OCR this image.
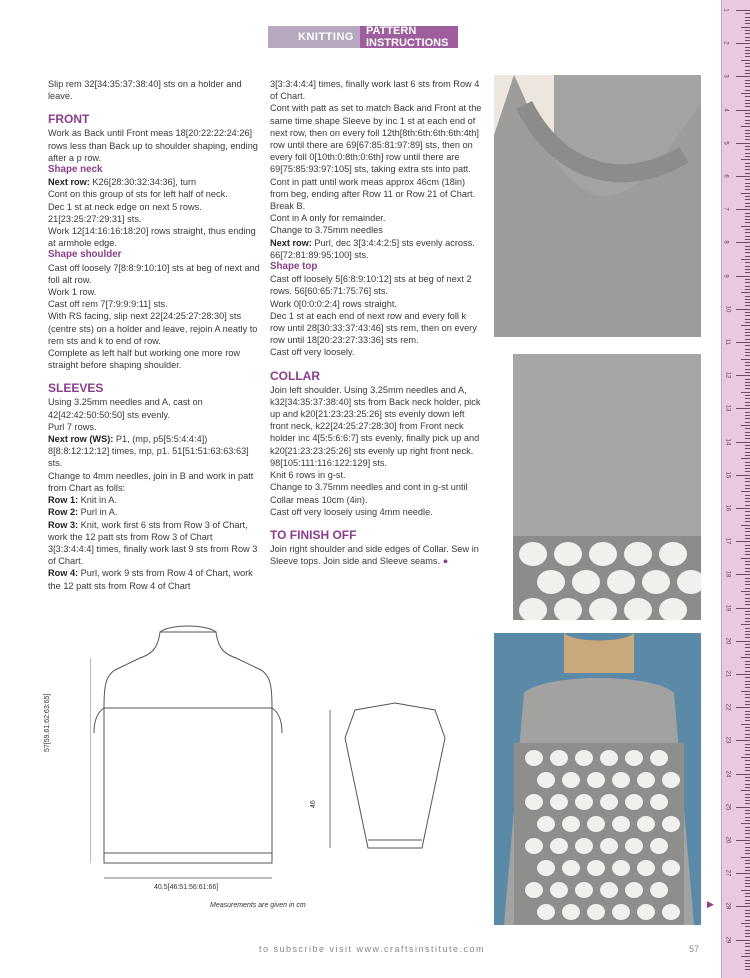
KNITTING	PATTERN INSTRUCTIONS

Slip rem 32[34:35:37:38:40] sts on a holder and leave.

FRONT

Work as Back until Front meas 18[20:22:22:24:26] rows less than Back up to shoulder shaping, ending after a p row.

Shape neck

Next row: K26[28:30:32:34:36], turn

Cont on this group of sts for left half of neck.

Dec 1 st at neck edge on next 5 rows. 21[23:25:27:29:31] sts.

Work 12[14:16:16:18:20] rows straight, thus ending at armhole edge.

Shape shoulder

Cast off loosely 7[8:8:9:10:10] sts at beg of next and foll alt row.

Work 1 row.

Cast off rem 7[7:9:9:9:11] sts.

With RS facing, slip next 22[24:25:27:28:30] sts (centre sts) on a holder and leave, rejoin A neatly to rem sts and k to end of row.

Complete as left half but working one more row straight before shaping shoulder.

SLEEVES

Using 3.25mm needles and A, cast on 42[42:42:50:50:50] sts evenly.

Purl 7 rows.

Next row (WS): P1, (mp, p5[5:5:4:4:4]) 8[8:8:12:12:12] times, mp, p1. 51[51:51:63:63:63] sts.

Change to 4mm needles, join in B and work in patt from Chart as folls:

Row 1: Knit in A.

Row 2: Purl in A.

Row 3: Knit, work first 6 sts from Row 3 of Chart, work the 12 patt sts from Row 3 of Chart 3[3:3:4:4:4] times, finally work last 9 sts from Row 3 of Chart.

Row 4: Purl, work 9 sts from Row 4 of Chart, work the 12 patt sts from Row 4 of Chart

3[3:3:4:4:4] times, finally work last 6 sts from Row 4 of Chart.

Cont with patt as set to match Back and Front at the same time shape Sleeve by inc 1 st at each end of next row, then on every foll 12th[8th:6th:6th:6th:4th] row until there are 69[67:85:81:97:89] sts, then on every foll 0[10th:0:8th:0:6th] row until there are 69[75:85:93:97:105] sts, taking extra sts into patt. Cont in patt until work meas approx 46cm (18in) from beg, ending after Row 11 or Row 21 of Chart.

Break B.

Cont in A only for remainder.

Change to 3.75mm needles

Next row: Purl, dec 3[3:4:4:2:5] sts evenly across. 66[72:81:89:95:100] sts.

Shape top

Cast off loosely 5[6:8:9:10:12] sts at beg of next 2 rows. 56[60:65:71:75:76] sts.

Work 0[0:0:0:2:4] rows straight.

Dec 1 st at each end of next row and every foll k row until 28[30:33:37:43:46] sts rem, then on every row until 18[20:23:27:33:36] sts rem.

Cast off very loosely.

COLLAR

Join left shoulder. Using 3.25mm needles and A, k32[34:35:37:38:40] sts from Back neck holder, pick up and k20[21:23:23:25:26] sts evenly down left front neck, k22[24:25:27:28:30] from Front neck holder inc 4[5:5:6:6:7] sts evenly, finally pick up and k20[21:23:23:25:26] sts evenly up right front neck. 98[105:111:116:122:129] sts.

Knit 6 rows in g-st.

Change to 3.75mm needles and cont in g-st until Collar meas 10cm (4in).

Cast off very loosely using 4mm needle.

TO FINISH OFF

Join right shoulder and side edges of Collar. Sew in Sleeve tops. Join side and Sleeve seams. ●

57[59.61:62:63:65]
40.5[46:51:56:61:66]
46
Measurements are given in cm
1
2
3
4
5
6
7
8
9
10
11
12
13
14
15
16
17
18
19
20
21
22
23
24
25
26
27
28
29
▶
to subscribe visit www.craftsinstitute.com	57
